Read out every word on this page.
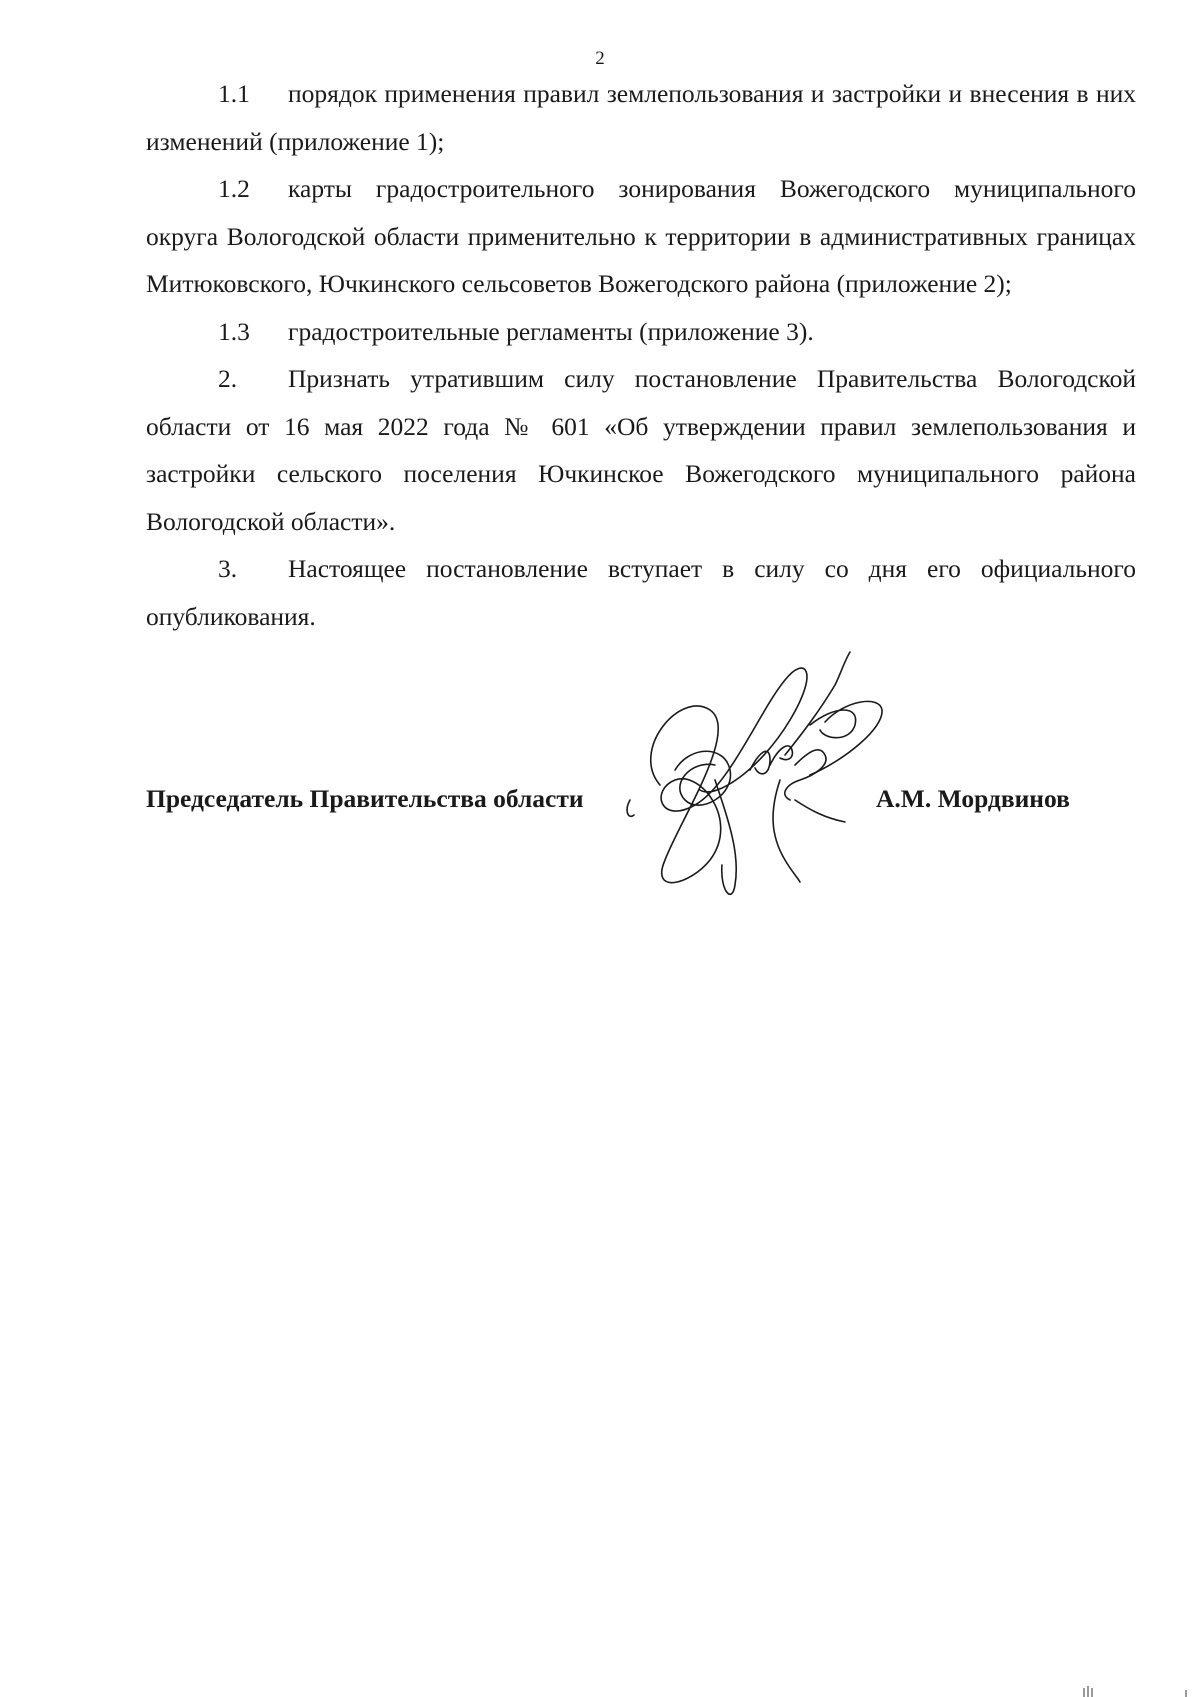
2

1.1 порядок применения правил землепользования и застройки и внесения в них изменений (приложение 1);

1.2 карты градостроительного зонирования Вожегодского муниципального округа Вологодской области применительно к территории в административных границах Митюковского, Ючкинского сельсоветов Вожегодского района (приложение 2);

1.3 градостроительные регламенты (приложение 3).

2. Признать утратившим силу постановление Правительства Вологодской области от 16 мая 2022 года № 601 «Об утверждении правил землепользования и застройки сельского поселения Ючкинское Вожегодского муниципального района Вологодской области».

3. Настоящее постановление вступает в силу со дня его официального опубликования.

Председатель Правительства области	А.М. Мордвинов
